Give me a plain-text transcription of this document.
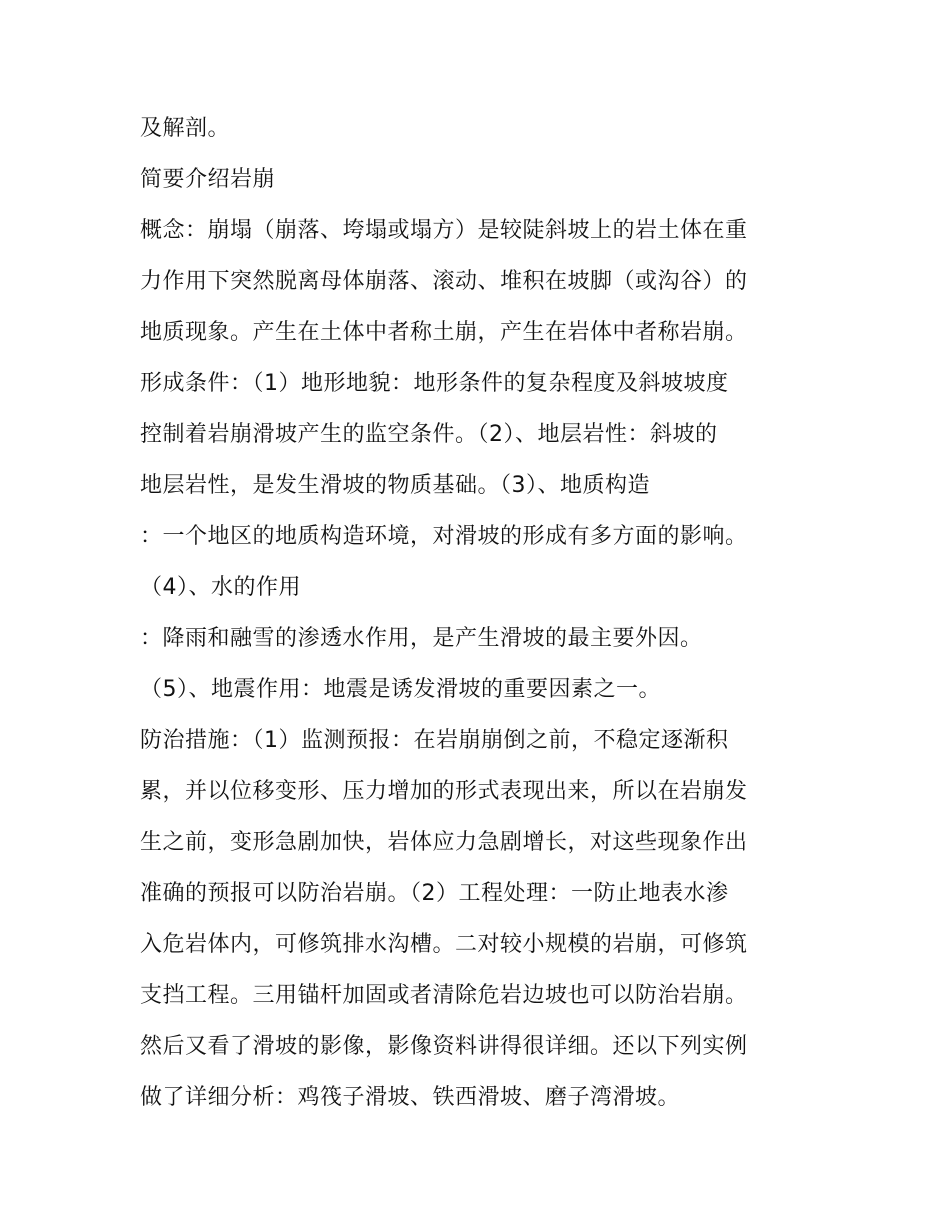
及解剖。

简要介绍岩崩

概念：崩塌（崩落、垮塌或塌方）是较陡斜坡上的岩土体在重

力作用下突然脱离母体崩落、滚动、堆积在坡脚（或沟谷）的

地质现象。产生在土体中者称土崩，产生在岩体中者称岩崩。

形成条件：（1）地形地貌：地形条件的复杂程度及斜坡坡度

控制着岩崩滑坡产生的监空条件。（2）、地层岩性：斜坡的

地层岩性，是发生滑坡的物质基础。（3）、地质构造

：一个地区的地质构造环境，对滑坡的形成有多方面的影响。

（4）、水的作用

：降雨和融雪的渗透水作用，是产生滑坡的最主要外因。

（5）、地震作用：地震是诱发滑坡的重要因素之一。

防治措施：（1）监测预报：在岩崩崩倒之前，不稳定逐渐积

累，并以位移变形、压力增加的形式表现出来，所以在岩崩发

生之前，变形急剧加快，岩体应力急剧增长，对这些现象作出

准确的预报可以防治岩崩。（2）工程处理：一防止地表水渗

入危岩体内，可修筑排水沟槽。二对较小规模的岩崩，可修筑

支挡工程。三用锚杆加固或者清除危岩边坡也可以防治岩崩。

然后又看了滑坡的影像，影像资料讲得很详细。还以下列实例

做了详细分析：鸡筏子滑坡、铁西滑坡、磨子湾滑坡。
